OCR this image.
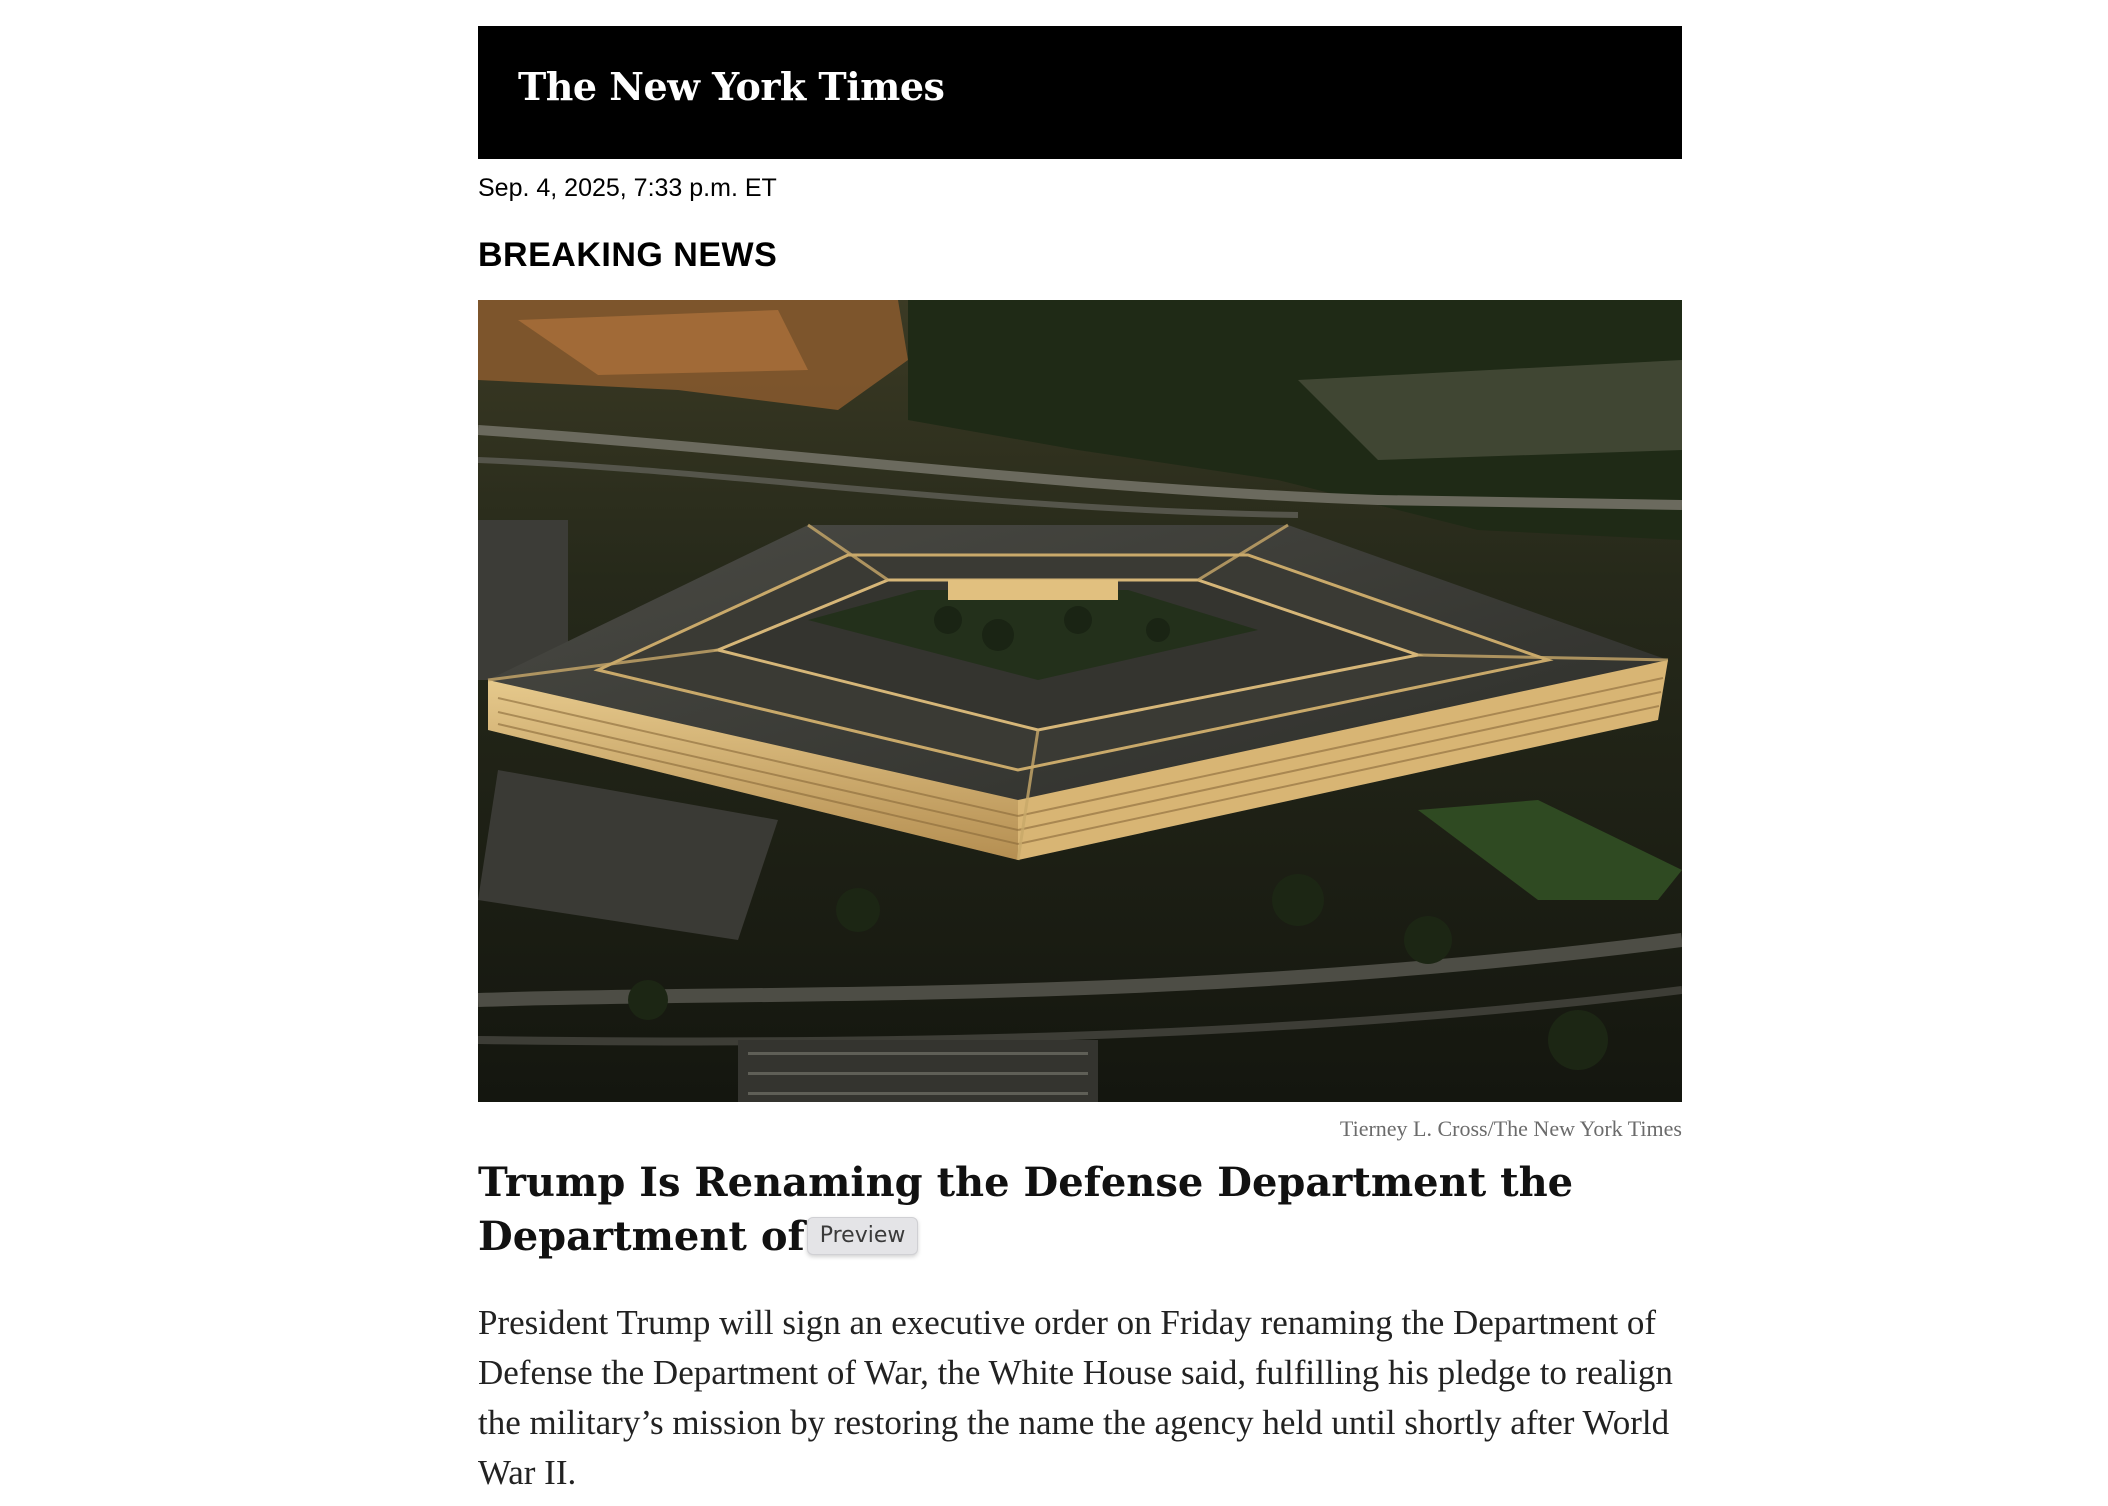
The New York Times
Sep. 4, 2025, 7:33 p.m. ET
BREAKING NEWS
Tierney L. Cross/The New York Times
Trump Is Renaming the Defense Department the Department of Preview
President Trump will sign an executive order on Friday renaming the Department of Defense the Department of War, the White House said, fulfilling his pledge to realign the military’s mission by restoring the name the agency held until shortly after World War II.
